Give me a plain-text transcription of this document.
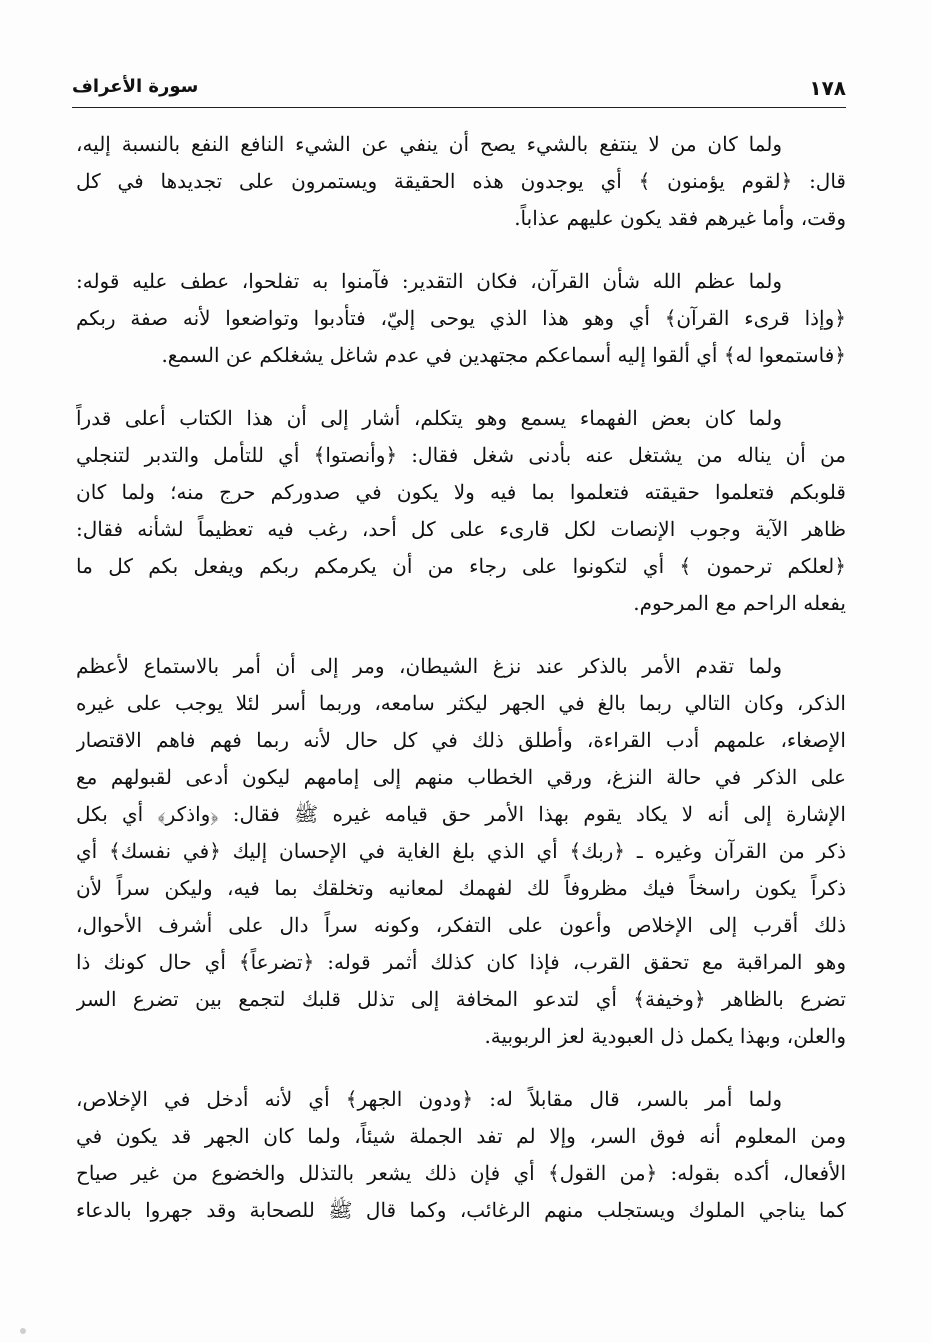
١٧٨
سورة الأعراف
ولما كان من لا ينتفع بالشيء يصح أن ينفي عن الشيء النافع النفع بالنسبة إليه،
قال: ﴿لقوم يؤمنون ﴾ أي يوجدون هذه الحقيقة ويستمرون على تجديدها في كل
وقت، وأما غيرهم فقد يكون عليهم عذاباً.
ولما عظم الله شأن القرآن، فكان التقدير: فآمنوا به تفلحوا، عطف عليه قوله:
﴿وإذا قرىء القرآن﴾ أي وهو هذا الذي يوحى إليّ، فتأدبوا وتواضعوا لأنه صفة ربكم
﴿فاستمعوا له﴾ أي ألقوا إليه أسماعكم مجتهدين في عدم شاغل يشغلكم عن السمع.
ولما كان بعض الفهماء يسمع وهو يتكلم، أشار إلى أن هذا الكتاب أعلى قدراً
من أن يناله من يشتغل عنه بأدنى شغل فقال: ﴿وأنصتوا﴾ أي للتأمل والتدبر لتنجلي
قلوبكم فتعلموا حقيقته فتعلموا بما فيه ولا يكون في صدوركم حرج منه؛ ولما كان
ظاهر الآية وجوب الإنصات لكل قارىء على كل أحد، رغب فيه تعظيماً لشأنه فقال:
﴿لعلكم ترحمون ﴾ أي لتكونوا على رجاء من أن يكرمكم ربكم ويفعل بكم كل ما
يفعله الراحم مع المرحوم.
ولما تقدم الأمر بالذكر عند نزغ الشيطان، ومر إلى أن أمر بالاستماع لأعظم
الذكر، وكان التالي ربما بالغ في الجهر ليكثر سامعه، وربما أسر لئلا يوجب على غيره
الإصغاء، علمهم أدب القراءة، وأطلق ذلك في كل حال لأنه ربما فهم فاهم الاقتصار
على الذكر في حالة النزغ، ورقي الخطاب منهم إلى إمامهم ليكون أدعى لقبولهم مع
الإشارة إلى أنه لا يكاد يقوم بهذا الأمر حق قيامه غيره ﷺ فقال: ﴿واذكر﴾ أي بكل
ذكر من القرآن وغيره ـ ﴿ربك﴾ أي الذي بلغ الغاية في الإحسان إليك ﴿في نفسك﴾ أي
ذكراً يكون راسخاً فيك مظروفاً لك لفهمك لمعانيه وتخلقك بما فيه، وليكن سراً لأن
ذلك أقرب إلى الإخلاص وأعون على التفكر، وكونه سراً دال على أشرف الأحوال،
وهو المراقبة مع تحقق القرب، فإذا كان كذلك أثمر قوله: ﴿تضرعاً﴾ أي حال كونك ذا
تضرع بالظاهر ﴿وخيفة﴾ أي لتدعو المخافة إلى تذلل قلبك لتجمع بين تضرع السر
والعلن، وبهذا يكمل ذل العبودية لعز الربوبية.
ولما أمر بالسر، قال مقابلاً له: ﴿ودون الجهر﴾ أي لأنه أدخل في الإخلاص،
ومن المعلوم أنه فوق السر، وإلا لم تفد الجملة شيئاً، ولما كان الجهر قد يكون في
الأفعال، أكده بقوله: ﴿من القول﴾ أي فإن ذلك يشعر بالتذلل والخضوع من غير صياح
كما يناجي الملوك ويستجلب منهم الرغائب، وكما قال ﷺ للصحابة وقد جهروا بالدعاء
